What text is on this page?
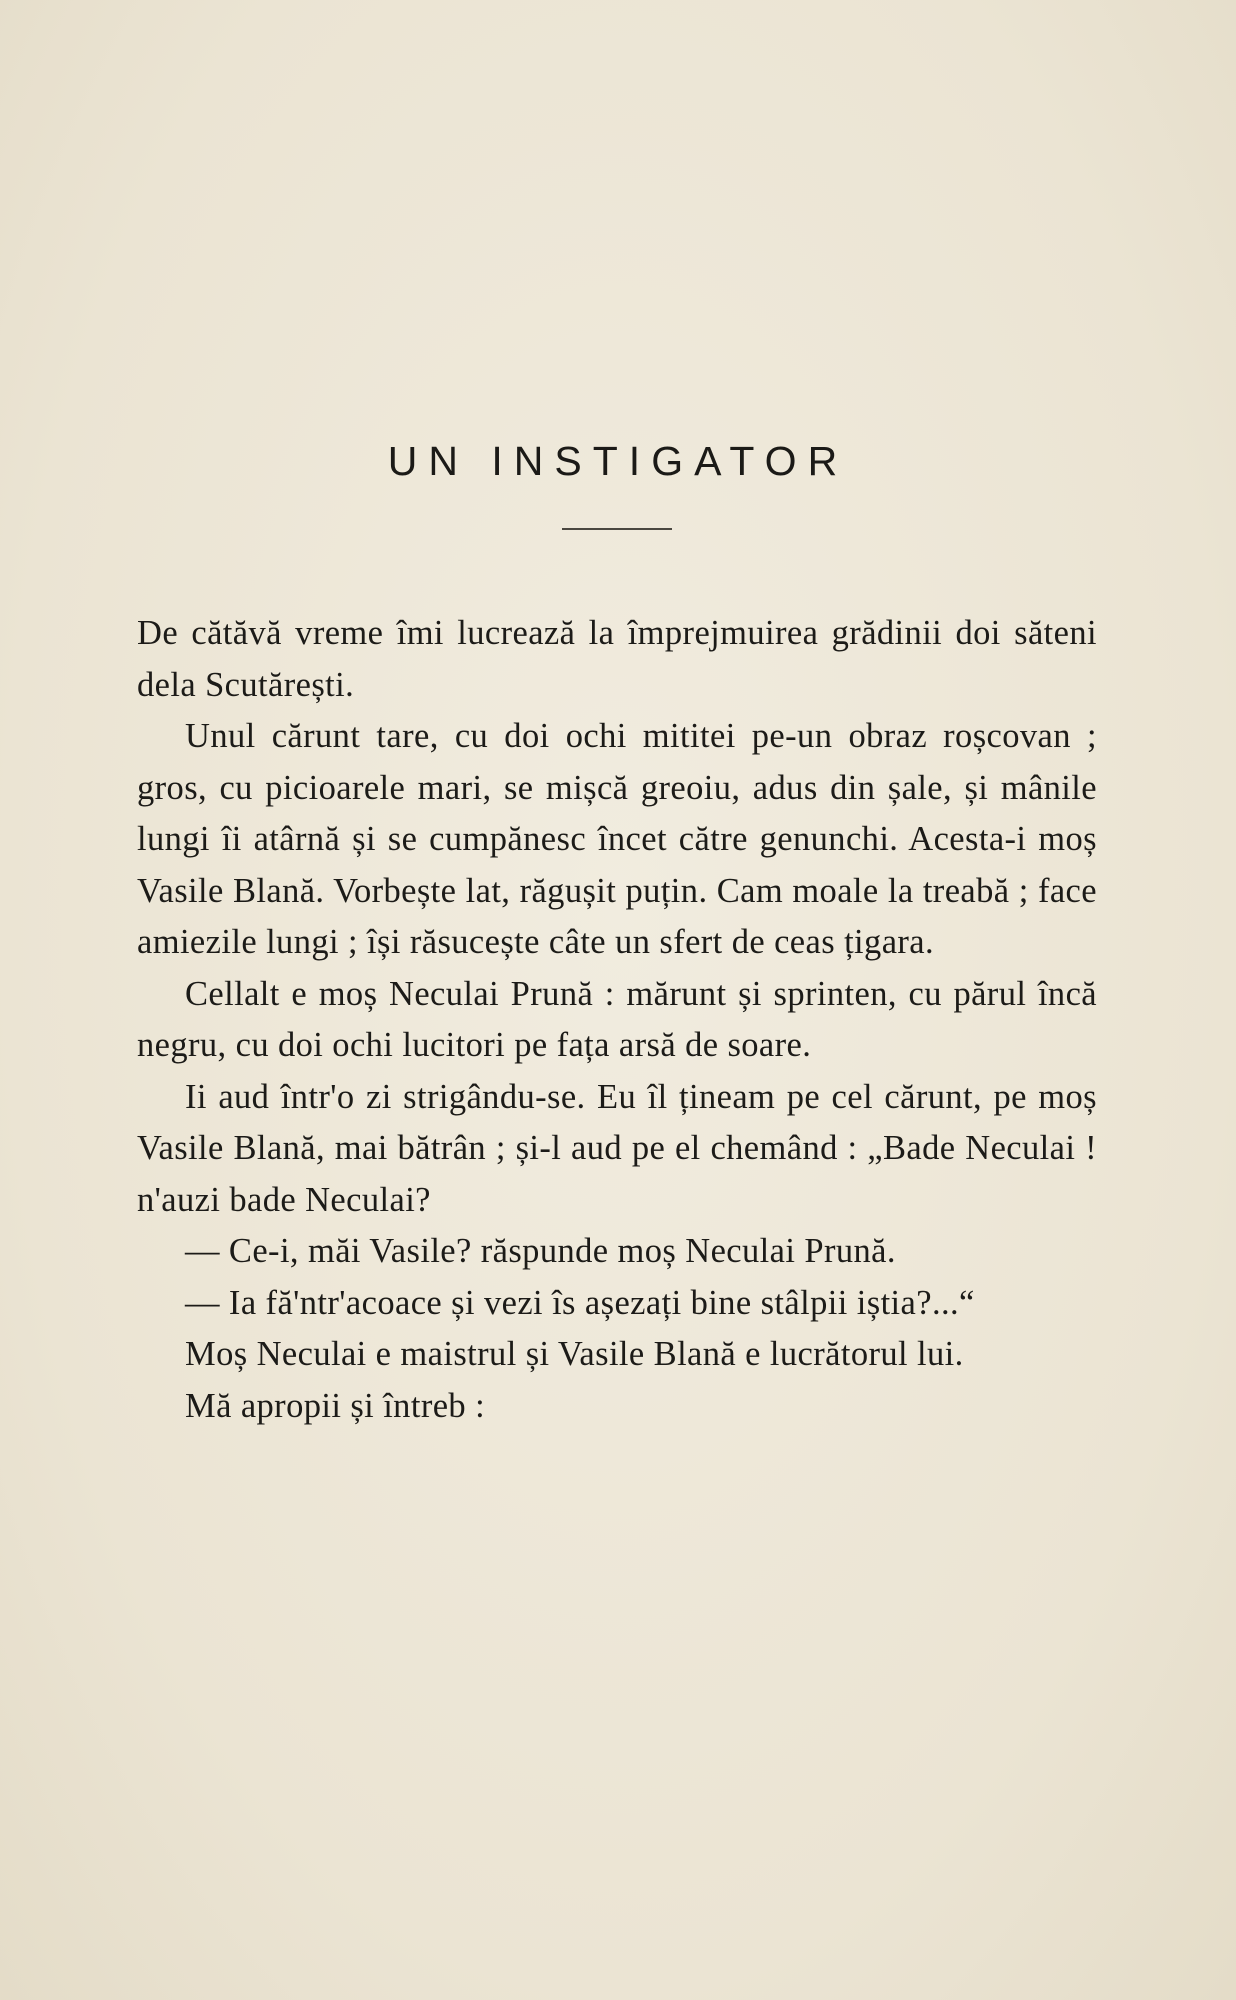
UN INSTIGATOR

De cătăvă vreme îmi lucrează la împrejmuirea grădinii doi săteni dela Scutărești.

Unul cărunt tare, cu doi ochi mititei pe-un obraz roșcovan ; gros, cu picioarele mari, se mișcă greoiu, adus din șale, și mânile lungi îi atârnă și se cumpănesc încet către genunchi. Acesta-i moș Vasile Blană. Vorbește lat, răgușit puțin. Cam moale la treabă ; face amiezile lungi ; își răsucește câte un sfert de ceas țigara.

Cellalt e moș Neculai Prună : mărunt și sprinten, cu părul încă negru, cu doi ochi lucitori pe fața arsă de soare.

Ii aud într'o zi strigându-se. Eu îl țineam pe cel cărunt, pe moș Vasile Blană, mai bătrân ; și-l aud pe el chemând : „Bade Neculai ! n'auzi bade Neculai?

— Ce-i, măi Vasile? răspunde moș Neculai Prună.

— Ia fă'ntr'acoace și vezi îs așezați bine stâlpii iștia?...“

Moș Neculai e maistrul și Vasile Blană e lucrătorul lui.

Mă apropii și întreb :
